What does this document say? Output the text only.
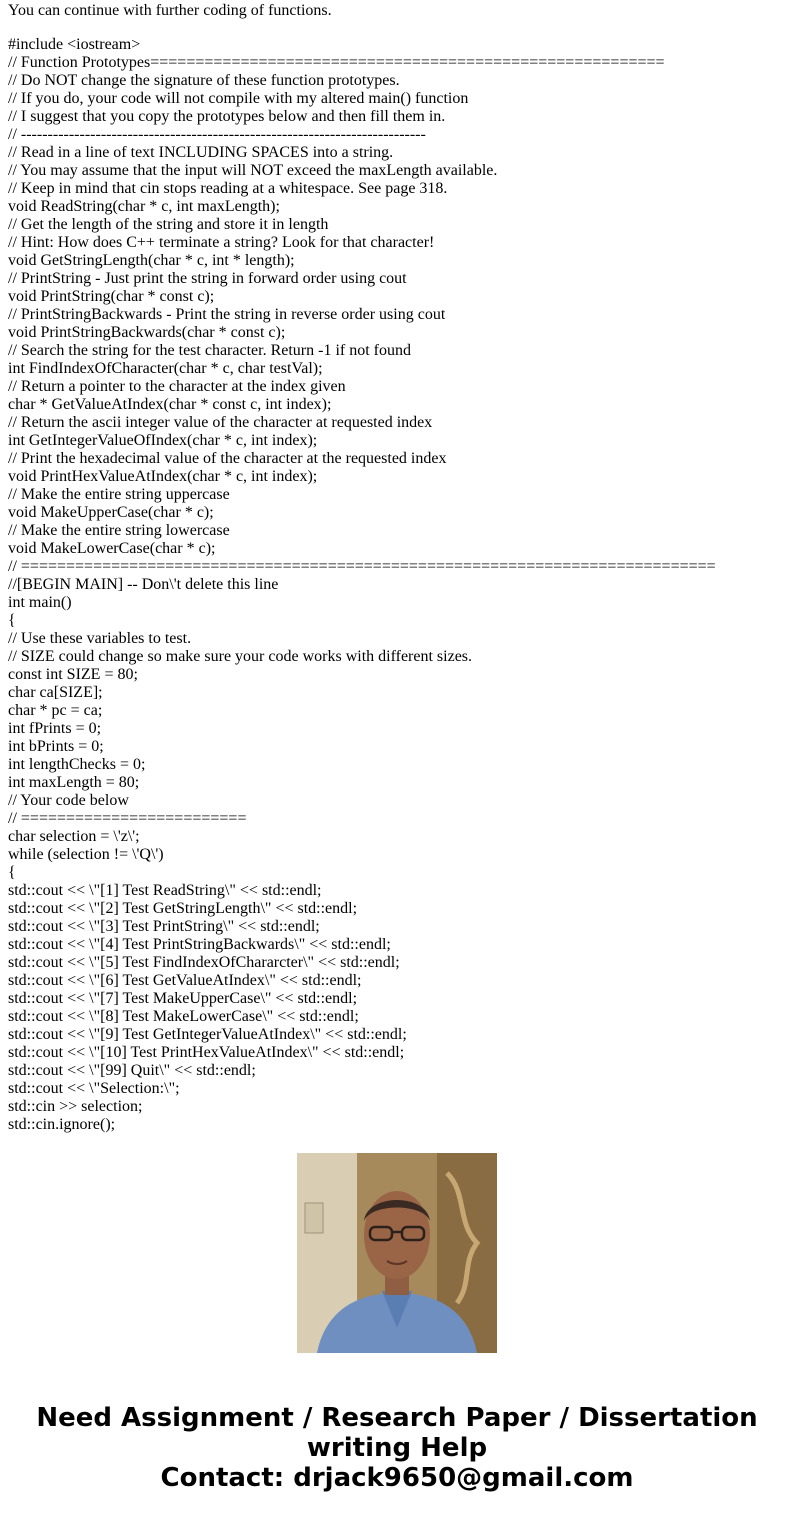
You can continue with further coding of functions.
#include <iostream>
// Function Prototypes=========================================================
// Do NOT change the signature of these function prototypes.
// If you do, your code will not compile with my altered main() function
// I suggest that you copy the prototypes below and then fill them in.
// ----------------------------------------------------------------------------
// Read in a line of text INCLUDING SPACES into a string.
// You may assume that the input will NOT exceed the maxLength available.
// Keep in mind that cin stops reading at a whitespace. See page 318.
void ReadString(char * c, int maxLength);
// Get the length of the string and store it in length
// Hint: How does C++ terminate a string? Look for that character!
void GetStringLength(char * c, int * length);
// PrintString - Just print the string in forward order using cout
void PrintString(char * const c);
// PrintStringBackwards - Print the string in reverse order using cout
void PrintStringBackwards(char * const c);
// Search the string for the test character. Return -1 if not found
int FindIndexOfCharacter(char * c, char testVal);
// Return a pointer to the character at the index given
char * GetValueAtIndex(char * const c, int index);
// Return the ascii integer value of the character at requested index
int GetIntegerValueOfIndex(char * c, int index);
// Print the hexadecimal value of the character at the requested index
void PrintHexValueAtIndex(char * c, int index);
// Make the entire string uppercase
void MakeUpperCase(char * c);
// Make the entire string lowercase
void MakeLowerCase(char * c);
// =============================================================================
//[BEGIN MAIN] -- Don\'t delete this line
int main()
{
// Use these variables to test.
// SIZE could change so make sure your code works with different sizes.
const int SIZE = 80;
char ca[SIZE];
char * pc = ca;
int fPrints = 0;
int bPrints = 0;
int lengthChecks = 0;
int maxLength = 80;
// Your code below
// =========================
char selection = \'z\';
while (selection != \'Q\')
{
std::cout << \"[1] Test ReadString\" << std::endl;
std::cout << \"[2] Test GetStringLength\" << std::endl;
std::cout << \"[3] Test PrintString\" << std::endl;
std::cout << \"[4] Test PrintStringBackwards\" << std::endl;
std::cout << \"[5] Test FindIndexOfChararcter\" << std::endl;
std::cout << \"[6] Test GetValueAtIndex\" << std::endl;
std::cout << \"[7] Test MakeUpperCase\" << std::endl;
std::cout << \"[8] Test MakeLowerCase\" << std::endl;
std::cout << \"[9] Test GetIntegerValueAtIndex\" << std::endl;
std::cout << \"[10] Test PrintHexValueAtIndex\" << std::endl;
std::cout << \"[99] Quit\" << std::endl;
std::cout << \"Selection:\";
std::cin >> selection;
std::cin.ignore();
Need Assignment / Research Paper / Dissertation
writing Help
Contact: drjack9650@gmail.com
